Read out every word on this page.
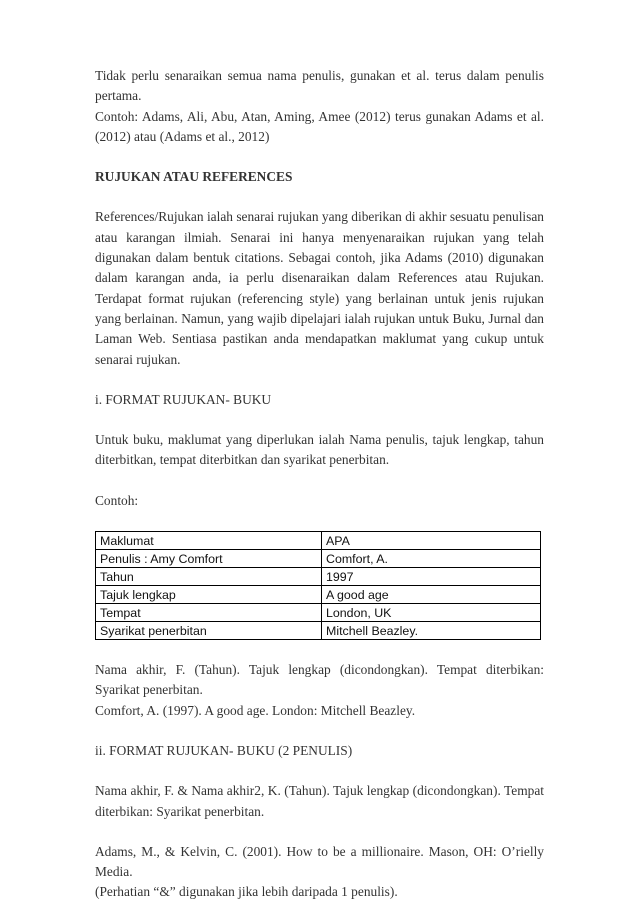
Tidak perlu senaraikan semua nama penulis, gunakan et al. terus dalam penulis pertama.

Contoh: Adams, Ali, Abu, Atan, Aming, Amee (2012) terus gunakan Adams et al. (2012) atau (Adams et al., 2012)

RUJUKAN ATAU REFERENCES

References/Rujukan ialah senarai rujukan yang diberikan di akhir sesuatu penulisan atau karangan ilmiah. Senarai ini hanya menyenaraikan rujukan yang telah digunakan dalam bentuk citations. Sebagai contoh, jika Adams (2010) digunakan dalam karangan anda, ia perlu disenaraikan dalam References atau Rujukan. Terdapat format rujukan (referencing style) yang berlainan untuk jenis rujukan yang berlainan. Namun, yang wajib dipelajari ialah rujukan untuk Buku, Jurnal dan Laman Web. Sentiasa pastikan anda mendapatkan maklumat yang cukup untuk senarai rujukan.

i. FORMAT RUJUKAN- BUKU

Untuk buku, maklumat yang diperlukan ialah Nama penulis, tajuk lengkap, tahun diterbitkan, tempat diterbitkan dan syarikat penerbitan.

Contoh:

Maklumat	APA
Penulis : Amy Comfort	Comfort, A.
Tahun	1997
Tajuk lengkap	A good age
Tempat	London, UK
Syarikat penerbitan	Mitchell Beazley.

Nama akhir, F. (Tahun). Tajuk lengkap (dicondongkan). Tempat diterbikan: Syarikat penerbitan.

Comfort, A. (1997). A good age. London: Mitchell Beazley.

ii. FORMAT RUJUKAN- BUKU (2 PENULIS)

Nama akhir, F. & Nama akhir2, K. (Tahun). Tajuk lengkap (dicondongkan). Tempat diterbikan: Syarikat penerbitan.

Adams, M., & Kelvin, C. (2001). How to be a millionaire. Mason, OH: O’rielly Media.

(Perhatian “&” digunakan jika lebih daripada 1 penulis).
